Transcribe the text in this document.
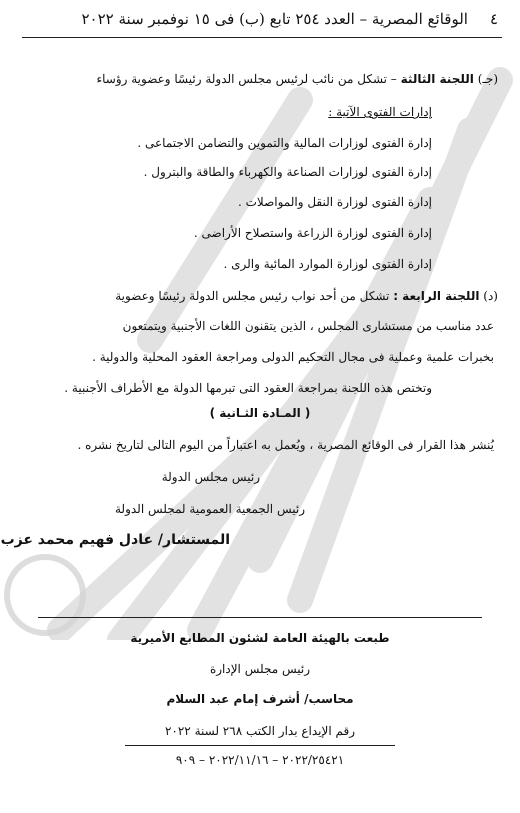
٤
الوقائع المصرية – العدد ٢٥٤ تابع (ب) فى ١٥ نوفمبر سنة ٢٠٢٢
(جـ) اللجنة الثالثة – تشكل من نائب لرئيس مجلس الدولة رئيسًا وعضوية رؤساء
إدارات الفتوى الآتية :
إدارة الفتوى لوزارات المالية والتموين والتضامن الاجتماعى .
إدارة الفتوى لوزارات الصناعة والكهرباء والطاقة والبترول .
إدارة الفتوى لوزارة النقل والمواصلات .
إدارة الفتوى لوزارة الزراعة واستصلاح الأراضى .
إدارة الفتوى لوزارة الموارد المائية والرى .
(د) اللجنة الرابعة : تشكل من أحد نواب رئيس مجلس الدولة رئيسًا وعضوية
عدد مناسب من مستشارى المجلس ، الذين يتقنون اللغات الأجنبية ويتمتعون
بخبرات علمية وعملية فى مجال التحكيم الدولى ومراجعة العقود المحلية والدولية .
وتختص هذه اللجنة بمراجعة العقود التى تبرمها الدولة مع الأطراف الأجنبية .
( المـادة الثـانية )
يُنشر هذا القرار فى الوقائع المصرية ، ويُعمل به اعتباراً من اليوم التالى لتاريخ نشره .
رئيس مجلس الدولة
رئيس الجمعية العمومية لمجلس الدولة
المستشار/ عادل فهيم محمد عزب
طبعت بالهيئة العامة لشئون المطابع الأميرية
رئيس مجلس الإدارة
محاسب/ أشرف إمام عبد السلام
رقم الإيداع بدار الكتب ٢٦٨ لسنة ٢٠٢٢
٢٠٢٢/٢٥٤٢١ – ٢٠٢٢/١١/١٦ – ٩٠٩
